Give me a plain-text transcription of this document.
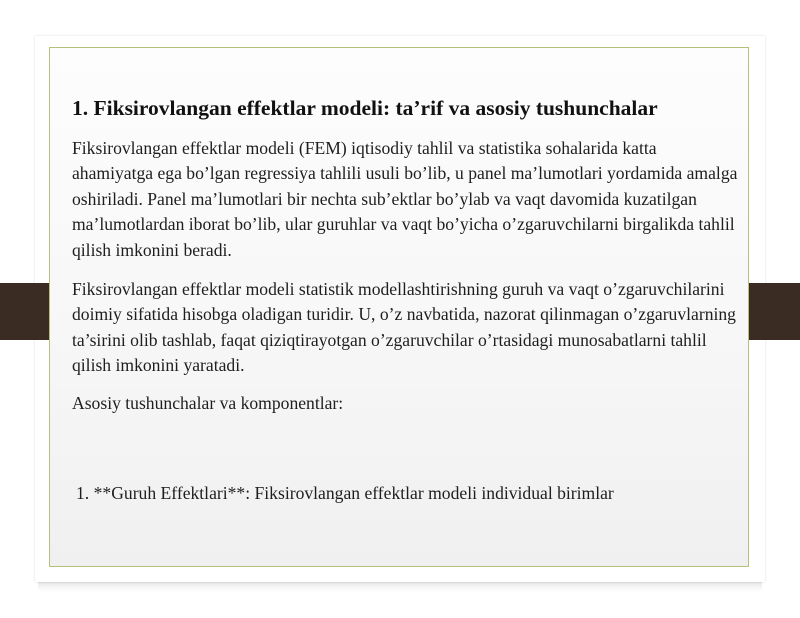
1. Fiksirovlangan effektlar modeli: ta’rif va asosiy tushunchalar
Fiksirovlangan effektlar modeli (FEM) iqtisodiy tahlil va statistika sohalarida katta ahamiyatga ega bo’lgan regressiya tahlili usuli bo’lib, u panel ma’lumotlari yordamida amalga oshiriladi. Panel ma’lumotlari bir nechta sub’ektlar bo’ylab va vaqt davomida kuzatilgan ma’lumotlardan iborat bo’lib, ular guruhlar va vaqt bo’yicha o’zgaruvchilarni birgalikda tahlil qilish imkonini beradi.
Fiksirovlangan effektlar modeli statistik modellashtirishning guruh va vaqt o’zgaruvchilarini doimiy sifatida hisobga oladigan turidir. U, o’z navbatida, nazorat qilinmagan o’zgaruvlarning ta’sirini olib tashlab, faqat qiziqtirayotgan o’zgaruvchilar o’rtasidagi munosabatlarni tahlil qilish imkonini yaratadi.
Asosiy tushunchalar va komponentlar:
1. **Guruh Effektlari**: Fiksirovlangan effektlar modeli individual birimlar
